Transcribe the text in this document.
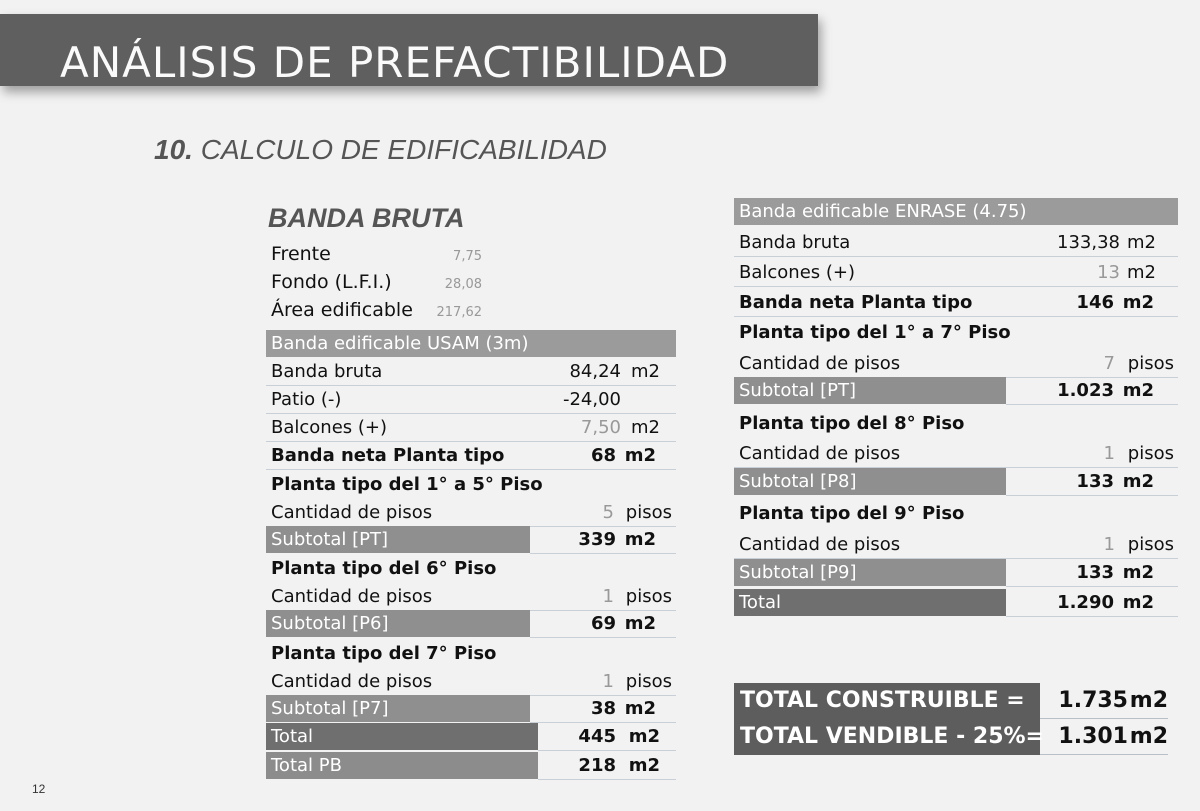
ANÁLISIS DE PREFACTIBILIDAD
10. CALCULO DE EDIFICABILIDAD
BANDA BRUTA
Frente	7,75
Fondo (L.F.I.)	28,08
Área edificable	217,62
Banda edificable USAM (3m)
Banda bruta	84,24 m2
Patio (-)	-24,00
Balcones (+)	7,50 m2
Banda neta Planta tipo	68 m2
Planta tipo del 1° a 5° Piso
Cantidad de pisos	5 pisos
Subtotal [PT]	339 m2
Planta tipo del 6° Piso
Cantidad de pisos	1 pisos
Subtotal [P6]	69 m2
Planta tipo del 7° Piso
Cantidad de pisos	1 pisos
Subtotal [P7]	38 m2
Total	445 m2
Total PB	218 m2
Banda edificable ENRASE (4.75)
Banda bruta	133,38 m2
Balcones (+)	13 m2
Banda neta Planta tipo	146 m2
Planta tipo del 1° a 7° Piso
Cantidad de pisos	7 pisos
Subtotal [PT]	1.023 m2
Planta tipo del 8° Piso
Cantidad de pisos	1 pisos
Subtotal [P8]	133 m2
Planta tipo del 9° Piso
Cantidad de pisos	1 pisos
Subtotal [P9]	133 m2
Total	1.290 m2
TOTAL CONSTRUIBLE = 1.735 m2
TOTAL VENDIBLE - 25%= 1.301 m2
12
